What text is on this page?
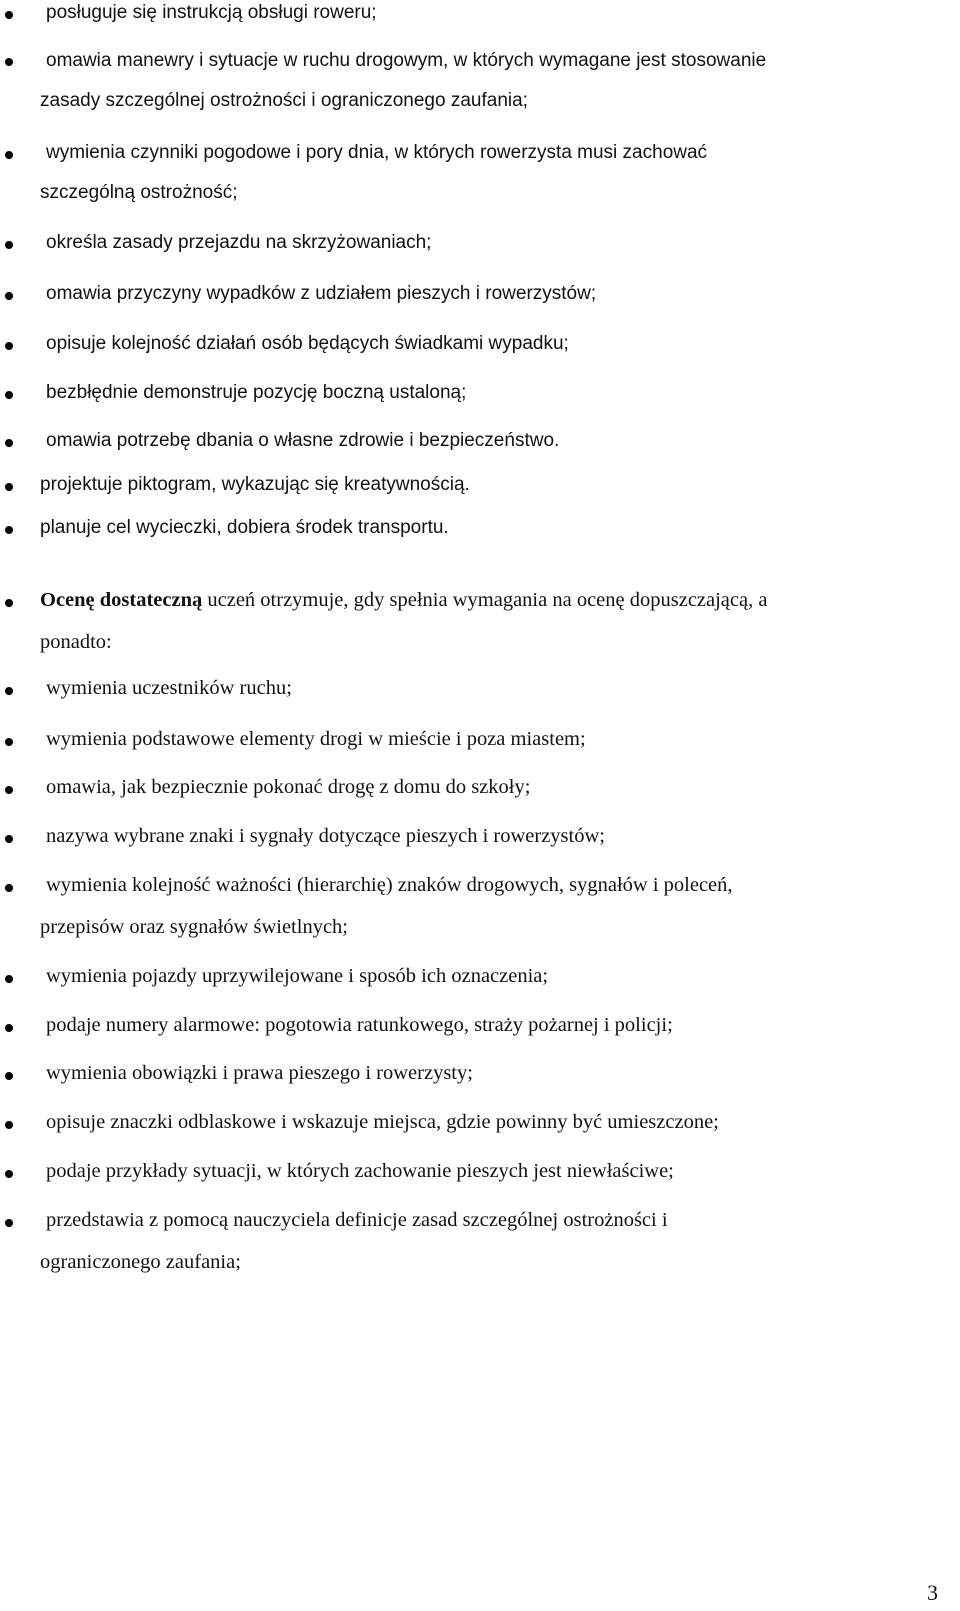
posługuje się instrukcją obsługi roweru;
omawia manewry i sytuacje w ruchu drogowym, w których wymagane jest stosowanie
zasady szczególnej ostrożności i ograniczonego zaufania;
wymienia czynniki pogodowe i pory dnia, w których rowerzysta musi zachować
szczególną ostrożność;
określa zasady przejazdu na skrzyżowaniach;
omawia przyczyny wypadków z udziałem pieszych i rowerzystów;
opisuje kolejność działań osób będących świadkami wypadku;
bezbłędnie demonstruje pozycję boczną ustaloną;
omawia potrzebę dbania o własne zdrowie i bezpieczeństwo.
projektuje piktogram, wykazując się kreatywnością.
planuje cel wycieczki, dobiera środek transportu.
Ocenę dostateczną uczeń otrzymuje, gdy spełnia wymagania na ocenę dopuszczającą, a
ponadto:
wymienia uczestników ruchu;
wymienia podstawowe elementy drogi w mieście i poza miastem;
omawia, jak bezpiecznie pokonać drogę z domu do szkoły;
nazywa wybrane znaki i sygnały dotyczące pieszych i rowerzystów;
wymienia kolejność ważności (hierarchię) znaków drogowych, sygnałów i poleceń,
przepisów oraz sygnałów świetlnych;
wymienia pojazdy uprzywilejowane i sposób ich oznaczenia;
podaje numery alarmowe: pogotowia ratunkowego, straży pożarnej i policji;
wymienia obowiązki i prawa pieszego i rowerzysty;
opisuje znaczki odblaskowe i wskazuje miejsca, gdzie powinny być umieszczone;
podaje przykłady sytuacji, w których zachowanie pieszych jest niewłaściwe;
przedstawia z pomocą nauczyciela definicje zasad szczególnej ostrożności i
ograniczonego zaufania;
3
